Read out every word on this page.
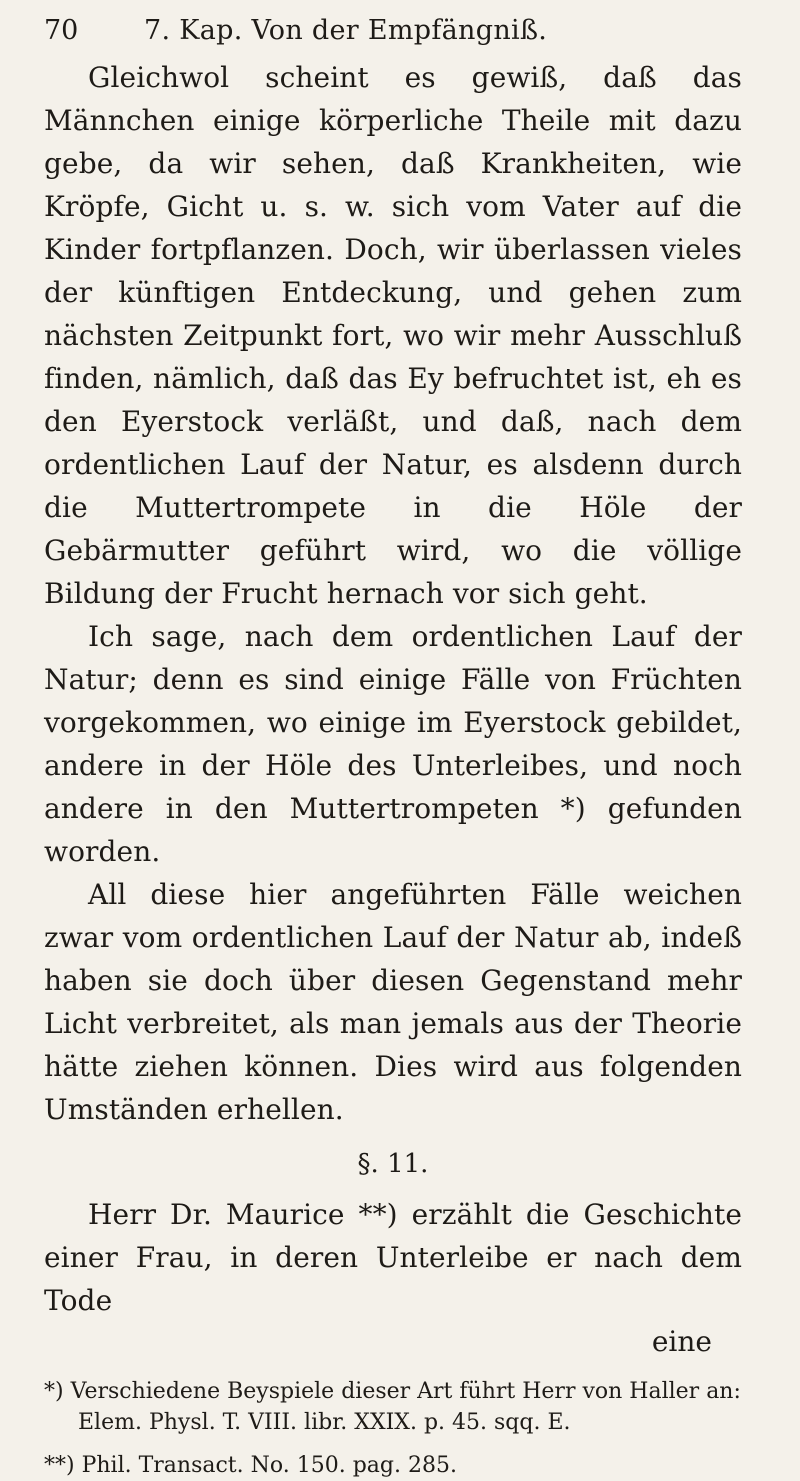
70	7. Kap. Von der Empfängniß.

Gleichwol scheint es gewiß, daß das Männchen einige körperliche Theile mit dazu gebe, da wir sehen, daß Krankheiten, wie Kröpfe, Gicht u. s. w. sich vom Vater auf die Kinder fortpflanzen. Doch, wir überlassen vieles der künftigen Entdeckung, und gehen zum nächsten Zeitpunkt fort, wo wir mehr Ausschluß finden, nämlich, daß das Ey befruchtet ist, eh es den Eyerstock verläßt, und daß, nach dem ordentlichen Lauf der Natur, es alsdenn durch die Muttertrompete in die Höle der Gebärmutter geführt wird, wo die völlige Bildung der Frucht hernach vor sich geht.

Ich sage, nach dem ordentlichen Lauf der Natur; denn es sind einige Fälle von Früchten vorgekommen, wo einige im Eyerstock gebildet, andere in der Höle des Unterleibes, und noch andere in den Muttertrompeten *) gefunden worden.

All diese hier angeführten Fälle weichen zwar vom ordentlichen Lauf der Natur ab, indeß haben sie doch über diesen Gegenstand mehr Licht verbreitet, als man jemals aus der Theorie hätte ziehen können. Dies wird aus folgenden Umständen erhellen.

§. 11.

Herr Dr. Maurice **) erzählt die Geschichte einer Frau, in deren Unterleibe er nach dem Tode

eine

*) Verschiedene Beyspiele dieser Art führt Herr von Haller an: Elem. Physl. T. VIII. libr. XXIX. p. 45. sqq. E.

**) Phil. Transact. No. 150. pag. 285.
